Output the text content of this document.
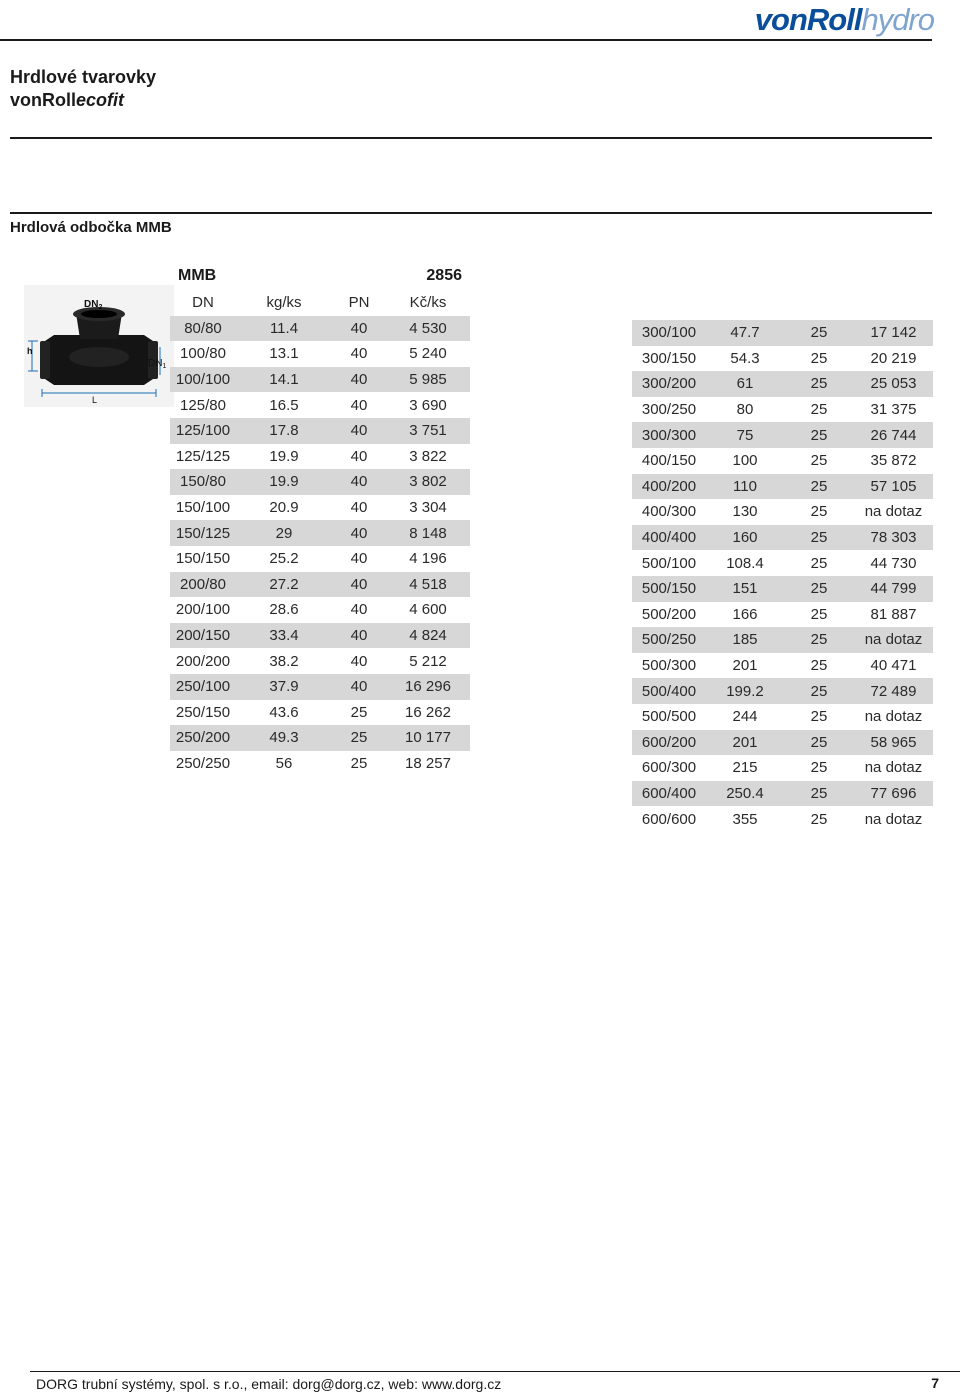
vonRollhydro
Hrdlové tvarovky
vonRollecofit
Hrdlová odbočka MMB
$DN_2$
$DN_1$
h
L
MMB	2856
DN	kg/ks	PN	Kč/ks
80/80	11.4	40	4 530
100/80	13.1	40	5 240
100/100	14.1	40	5 985
125/80	16.5	40	3 690
125/100	17.8	40	3 751
125/125	19.9	40	3 822
150/80	19.9	40	3 802
150/100	20.9	40	3 304
150/125	29	40	8 148
150/150	25.2	40	4 196
200/80	27.2	40	4 518
200/100	28.6	40	4 600
200/150	33.4	40	4 824
200/200	38.2	40	5 212
250/100	37.9	40	16 296
250/150	43.6	25	16 262
250/200	49.3	25	10 177
250/250	56	25	18 257
300/100	47.7	25	17 142
300/150	54.3	25	20 219
300/200	61	25	25 053
300/250	80	25	31 375
300/300	75	25	26 744
400/150	100	25	35 872
400/200	110	25	57 105
400/300	130	25	na dotaz
400/400	160	25	78 303
500/100	108.4	25	44 730
500/150	151	25	44 799
500/200	166	25	81 887
500/250	185	25	na dotaz
500/300	201	25	40 471
500/400	199.2	25	72 489
500/500	244	25	na dotaz
600/200	201	25	58 965
600/300	215	25	na dotaz
600/400	250.4	25	77 696
600/600	355	25	na dotaz
DORG trubní systémy, spol. s r.o., email: dorg@dorg.cz, web: www.dorg.cz	7
